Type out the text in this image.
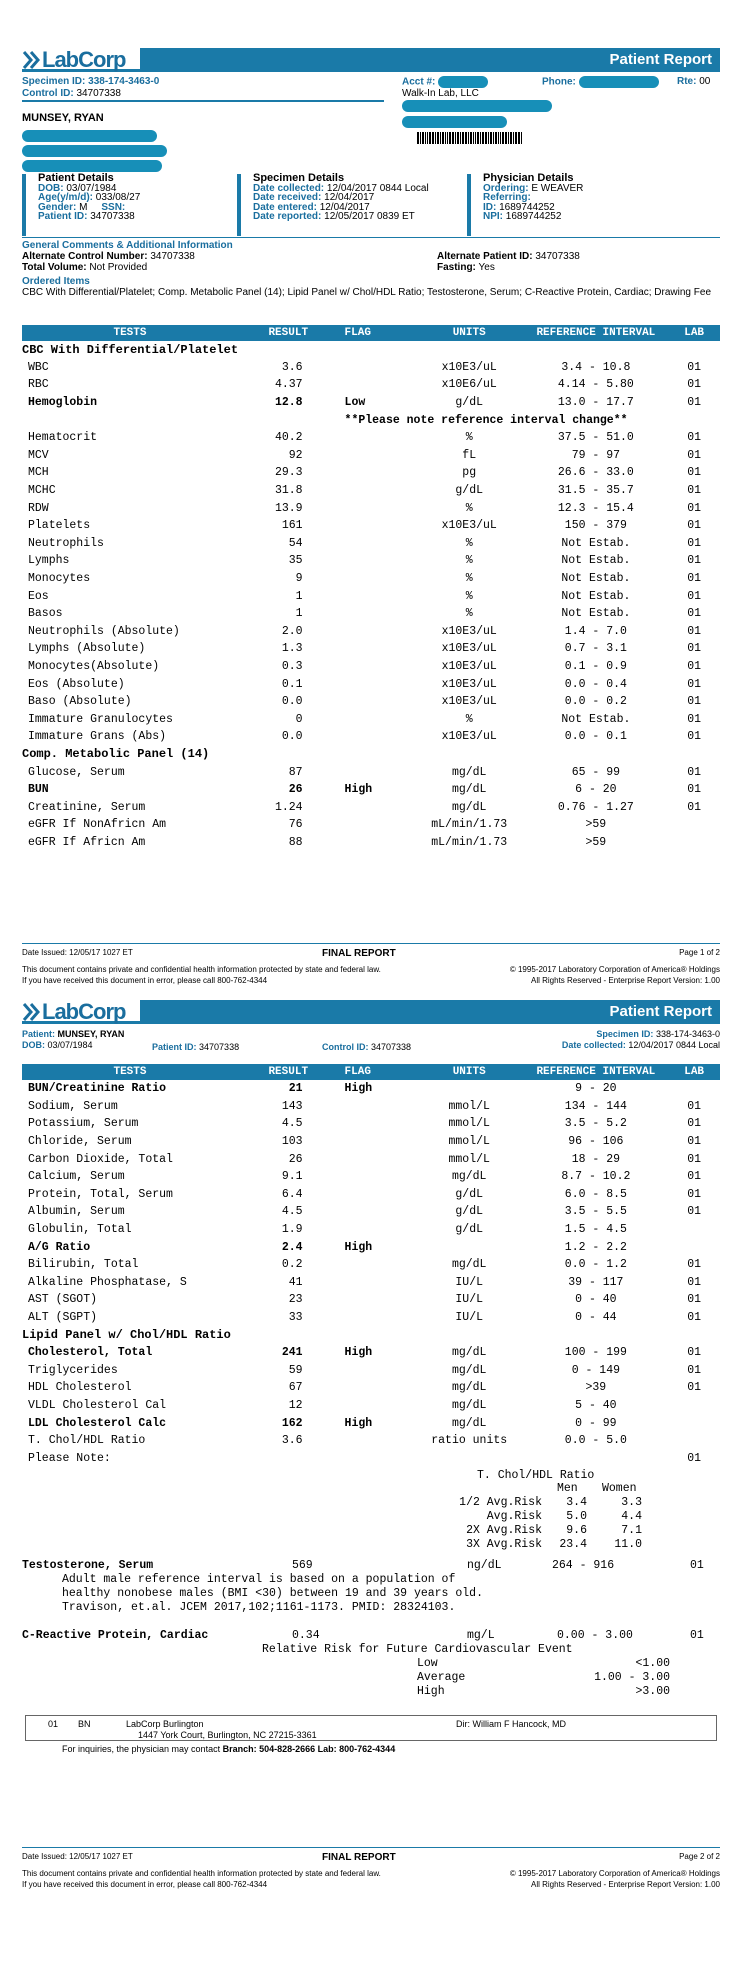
LabCorp	Patient Report
Specimen ID: 338-174-3463-0
Control ID: 34707338
MUNSEY, RYAN
Acct #:	Phone:	Rte: 00
Walk-In Lab, LLC
Patient Details
DOB: 03/07/1984
Age(y/m/d): 033/08/27
Gender: M SSN:
Patient ID: 34707338
Specimen Details
Date collected: 12/04/2017 0844 Local
Date received: 12/04/2017
Date entered: 12/04/2017
Date reported: 12/05/2017 0839 ET
Physician Details
Ordering: E WEAVER
Referring:
ID: 1689744252
NPI: 1689744252
General Comments & Additional Information
Alternate Control Number: 34707338	Alternate Patient ID: 34707338
Total Volume: Not Provided	Fasting: Yes
Ordered Items
CBC With Differential/Platelet; Comp. Metabolic Panel (14); Lipid Panel w/ Chol/HDL Ratio; Testosterone, Serum; C-Reactive Protein, Cardiac; Drawing Fee
TESTS	RESULT	FLAG	UNITS	REFERENCE INTERVAL	LAB
CBC With Differential/Platelet					
WBC	3.6		x10E3/uL	3.4 - 10.8	01
RBC	4.37		x10E6/uL	4.14 - 5.80	01
Hemoglobin	12.8	Low	g/dL	13.0 - 17.7	01
		**Please note reference interval change**			
Hematocrit	40.2		%	37.5 - 51.0	01
MCV	92		fL	79 - 97	01
MCH	29.3		pg	26.6 - 33.0	01
MCHC	31.8		g/dL	31.5 - 35.7	01
RDW	13.9		%	12.3 - 15.4	01
Platelets	161		x10E3/uL	150 - 379	01
Neutrophils	54		%	Not Estab.	01
Lymphs	35		%	Not Estab.	01
Monocytes	9		%	Not Estab.	01
Eos	1		%	Not Estab.	01
Basos	1		%	Not Estab.	01
Neutrophils (Absolute)	2.0		x10E3/uL	1.4 - 7.0	01
Lymphs (Absolute)	1.3		x10E3/uL	0.7 - 3.1	01
Monocytes(Absolute)	0.3		x10E3/uL	0.1 - 0.9	01
Eos (Absolute)	0.1		x10E3/uL	0.0 - 0.4	01
Baso (Absolute)	0.0		x10E3/uL	0.0 - 0.2	01
Immature Granulocytes	0		%	Not Estab.	01
Immature Grans (Abs)	0.0		x10E3/uL	0.0 - 0.1	01
Comp. Metabolic Panel (14)					
Glucose, Serum	87		mg/dL	65 - 99	01
BUN	26	High	mg/dL	6 - 20	01
Creatinine, Serum	1.24		mg/dL	0.76 - 1.27	01
eGFR If NonAfricn Am	76		mL/min/1.73	>59	
eGFR If Africn Am	88		mL/min/1.73	>59	
Date Issued: 12/05/17 1027 ET	FINAL REPORT	Page 1 of 2
This document contains private and confidential health information protected by state and federal law.
If you have received this document in error, please call 800-762-4344
© 1995-2017 Laboratory Corporation of America® Holdings
All Rights Reserved - Enterprise Report Version: 1.00
LabCorp	Patient Report
Patient: MUNSEY, RYAN
DOB: 03/07/1984	Patient ID: 34707338	Control ID: 34707338
Specimen ID: 338-174-3463-0
Date collected: 12/04/2017 0844 Local
TESTS	RESULT	FLAG	UNITS	REFERENCE INTERVAL	LAB
BUN/Creatinine Ratio	21	High		9 - 20	
Sodium, Serum	143		mmol/L	134 - 144	01
Potassium, Serum	4.5		mmol/L	3.5 - 5.2	01
Chloride, Serum	103		mmol/L	96 - 106	01
Carbon Dioxide, Total	26		mmol/L	18 - 29	01
Calcium, Serum	9.1		mg/dL	8.7 - 10.2	01
Protein, Total, Serum	6.4		g/dL	6.0 - 8.5	01
Albumin, Serum	4.5		g/dL	3.5 - 5.5	01
Globulin, Total	1.9		g/dL	1.5 - 4.5	
A/G Ratio	2.4	High		1.2 - 2.2	
Bilirubin, Total	0.2		mg/dL	0.0 - 1.2	01
Alkaline Phosphatase, S	41		IU/L	39 - 117	01
AST (SGOT)	23		IU/L	0 - 40	01
ALT (SGPT)	33		IU/L	0 - 44	01
Lipid Panel w/ Chol/HDL Ratio					
Cholesterol, Total	241	High	mg/dL	100 - 199	01
Triglycerides	59		mg/dL	0 - 149	01
HDL Cholesterol	67		mg/dL	>39	01
VLDL Cholesterol Cal	12		mg/dL	5 - 40	
LDL Cholesterol Calc	162	High	mg/dL	0 - 99	
T. Chol/HDL Ratio	3.6		ratio units	0.0 - 5.0	
Please Note:					01
T. Chol/HDL Ratio
Men Women
1/2 Avg.Risk 3.4	3.3
Avg.Risk 5.0	4.4
2X Avg.Risk 9.6	7.1
3X Avg.Risk 23.4 11.0
Testosterone, Serum	569	ng/dL	264 - 916	01
Adult male reference interval is based on a population of
healthy nonobese males (BMI <30) between 19 and 39 years old.
Travison, et.al. JCEM 2017,102;1161-1173. PMID: 28324103.
C-Reactive Protein, Cardiac	0.34	mg/L	0.00 - 3.00	01
Relative Risk for Future Cardiovascular Event
Low	<1.00
Average	1.00 - 3.00
High	>3.00
01 BN	LabCorp Burlington
1447 York Court, Burlington, NC 27215-3361
Dir: William F Hancock, MD
For inquiries, the physician may contact Branch: 504-828-2666 Lab: 800-762-4344
Date Issued: 12/05/17 1027 ET	FINAL REPORT	Page 2 of 2
This document contains private and confidential health information protected by state and federal law.
If you have received this document in error, please call 800-762-4344
© 1995-2017 Laboratory Corporation of America® Holdings
All Rights Reserved - Enterprise Report Version: 1.00
